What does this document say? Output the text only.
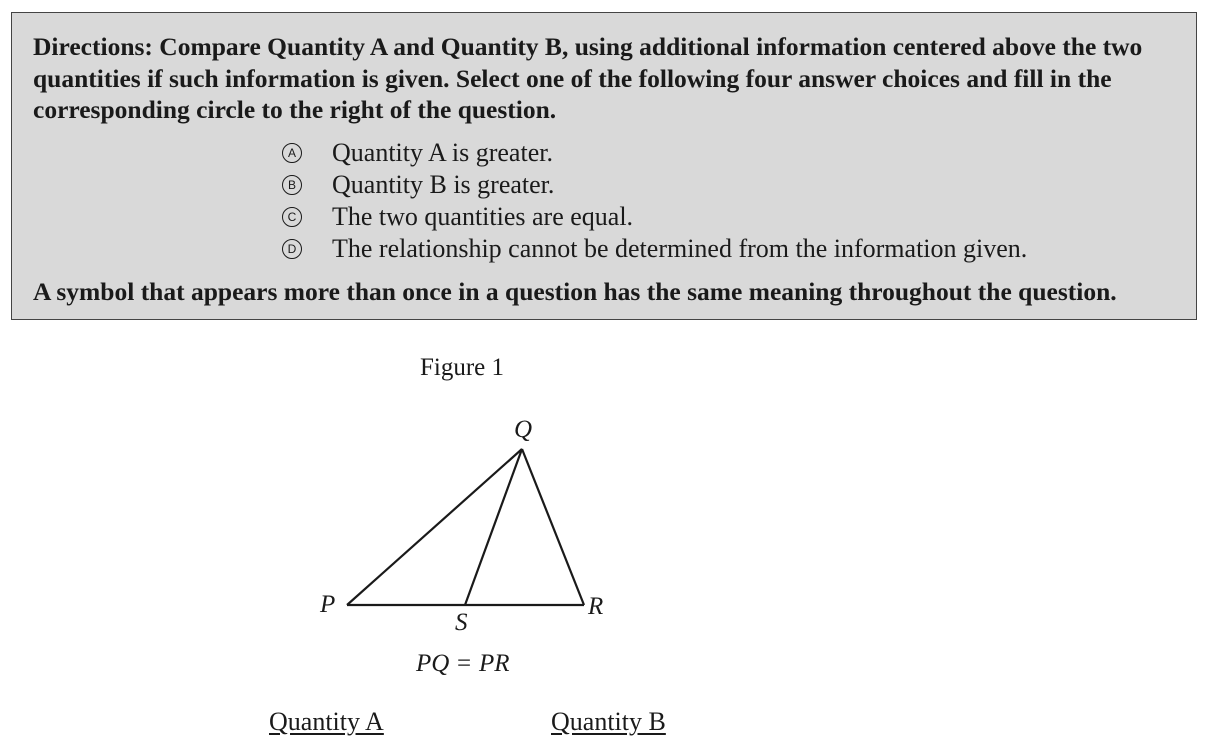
Directions: Compare Quantity A and Quantity B, using additional information centered above the two quantities if such information is given. Select one of the following four answer choices and fill in the corresponding circle to the right of the question.

A Quantity A is greater.
B Quantity B is greater.
C The two quantities are equal.
D The relationship cannot be determined from the information given.

A symbol that appears more than once in a question has the same meaning throughout the question.

Figure 1
Q
P	R
S
PQ = PR
Quantity A	Quantity B
